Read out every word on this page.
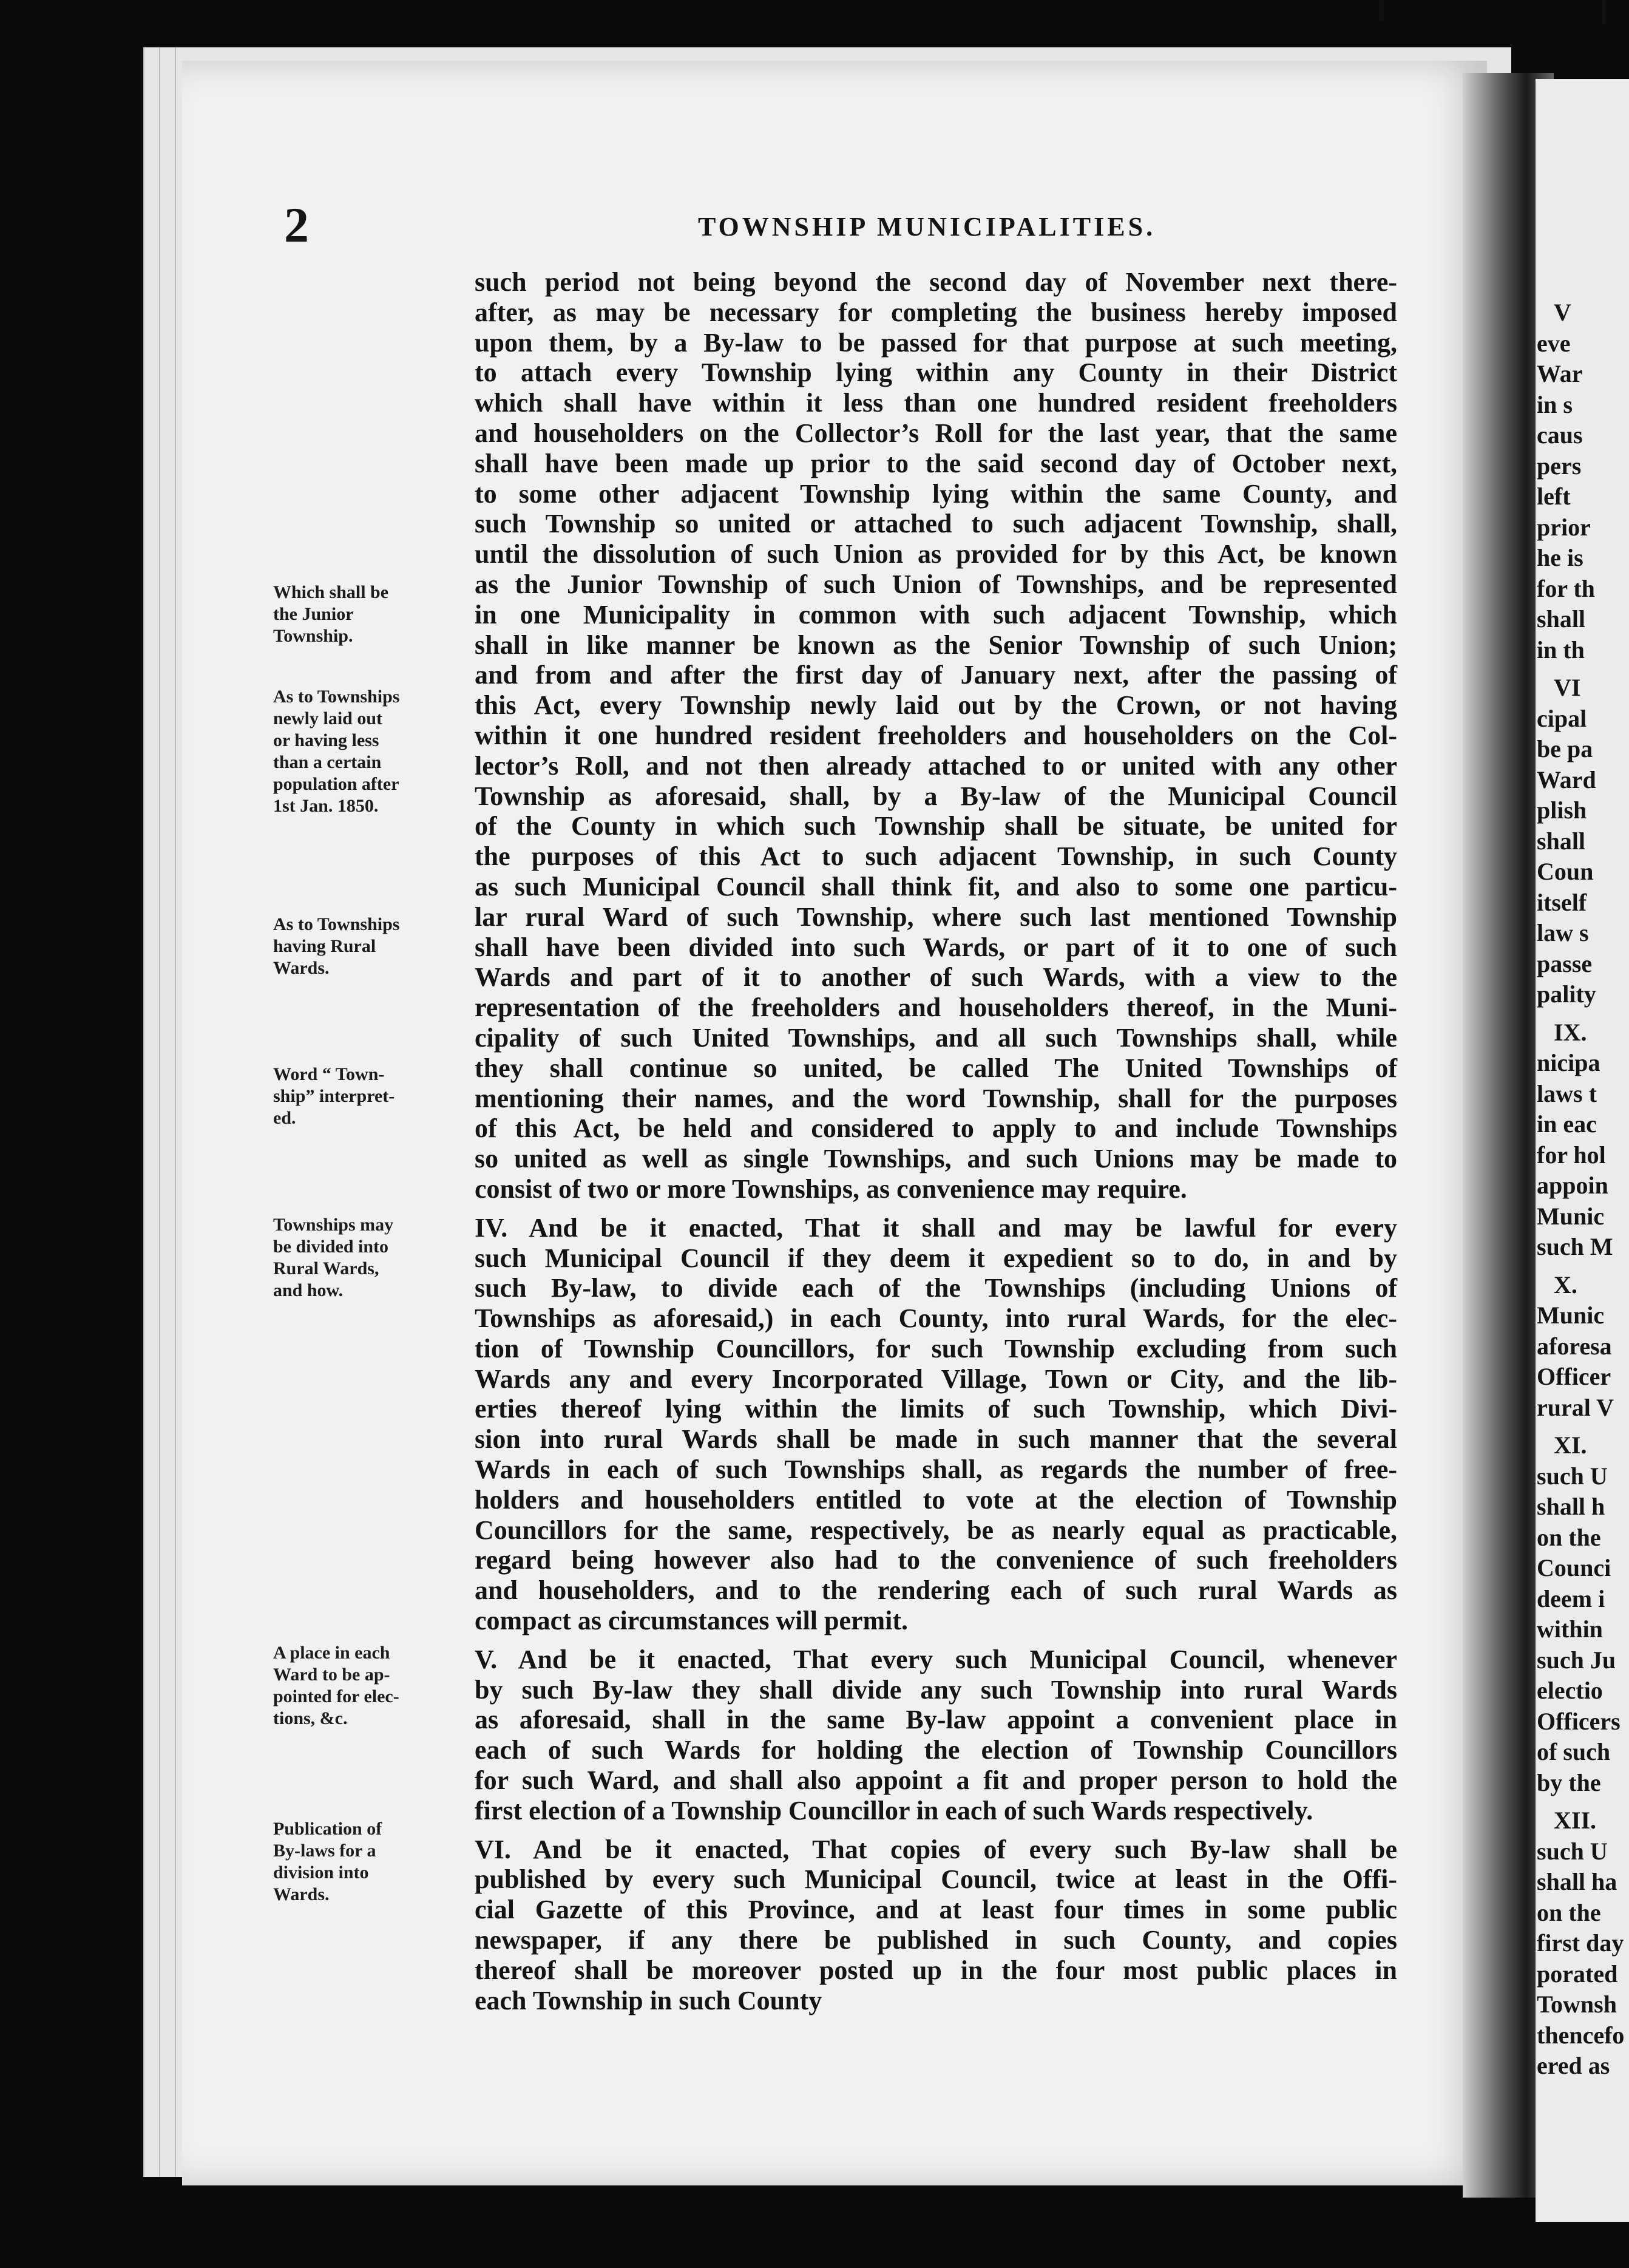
V
eve
War
in s
caus
pers
left
prior
he is
for th
shall
in th
VI
cipal
be pa
Ward
plish
shall
Coun
itself
law s
passe
pality
IX.
nicipa
laws t
in eac
for hol
appoin
Munic
such M
X.
Munic
aforesa
Officer
rural V
XI.
such U
shall h
on the
Counci
deem i
within
such Ju
electio
Officers
of such
by the
XII.
such U
shall ha
on the
first day
porated
Townsh
thencefo
ered as
2	TOWNSHIP MUNICIPALITIES.
such period not being beyond the second day of November next there-
after, as may be necessary for completing the business hereby imposed
upon them, by a By-law to be passed for that purpose at such meeting,
to attach every Township lying within any County in their District
which shall have within it less than one hundred resident freeholders
and householders on the Collector’s Roll for the last year, that the same
shall have been made up prior to the said second day of October next,
to some other adjacent Township lying within the same County, and
such Township so united or attached to such adjacent Township, shall,
until the dissolution of such Union as provided for by this Act, be known
as the Junior Township of such Union of Townships, and be represented
in one Municipality in common with such adjacent Township, which
shall in like manner be known as the Senior Township of such Union;
and from and after the first day of January next, after the passing of
this Act, every Township newly laid out by the Crown, or not having
within it one hundred resident freeholders and householders on the Col-
lector’s Roll, and not then already attached to or united with any other
Township as aforesaid, shall, by a By-law of the Municipal Council
of the County in which such Township shall be situate, be united for
the purposes of this Act to such adjacent Township, in such County
as such Municipal Council shall think fit, and also to some one particu-
lar rural Ward of such Township, where such last mentioned Township
shall have been divided into such Wards, or part of it to one of such
Wards and part of it to another of such Wards, with a view to the
representation of the freeholders and householders thereof, in the Muni-
cipality of such United Townships, and all such Townships shall, while
they shall continue so united, be called The United Townships of
mentioning their names, and the word Township, shall for the purposes
of this Act, be held and considered to apply to and include Townships
so united as well as single Townships, and such Unions may be made to
consist of two or more Townships, as convenience may require.
IV. And be it enacted, That it shall and may be lawful for every
such Municipal Council if they deem it expedient so to do, in and by
such By-law, to divide each of the Townships (including Unions of
Townships as aforesaid,) in each County, into rural Wards, for the elec-
tion of Township Councillors, for such Township excluding from such
Wards any and every Incorporated Village, Town or City, and the lib-
erties thereof lying within the limits of such Township, which Divi-
sion into rural Wards shall be made in such manner that the several
Wards in each of such Townships shall, as regards the number of free-
holders and householders entitled to vote at the election of Township
Councillors for the same, respectively, be as nearly equal as practicable,
regard being however also had to the convenience of such freeholders
and householders, and to the rendering each of such rural Wards as
compact as circumstances will permit.
V. And be it enacted, That every such Municipal Council, whenever
by such By-law they shall divide any such Township into rural Wards
as aforesaid, shall in the same By-law appoint a convenient place in
each of such Wards for holding the election of Township Councillors
for such Ward, and shall also appoint a fit and proper person to hold the
first election of a Township Councillor in each of such Wards respectively.
VI. And be it enacted, That copies of every such By-law shall be
published by every such Municipal Council, twice at least in the Offi-
cial Gazette of this Province, and at least four times in some public
newspaper, if any there be published in such County, and copies
thereof shall be moreover posted up in the four most public places in
each Township in such County
Which shall be
the Junior
Township.
As to Townships
newly laid out
or having less
than a certain
population after
1st Jan. 1850.
As to Townships
having Rural
Wards.
Word “ Town-
ship” interpret-
ed.
Townships may
be divided into
Rural Wards,
and how.
A place in each
Ward to be ap-
pointed for elec-
tions, &c.
Publication of
By-laws for a
division into
Wards.
